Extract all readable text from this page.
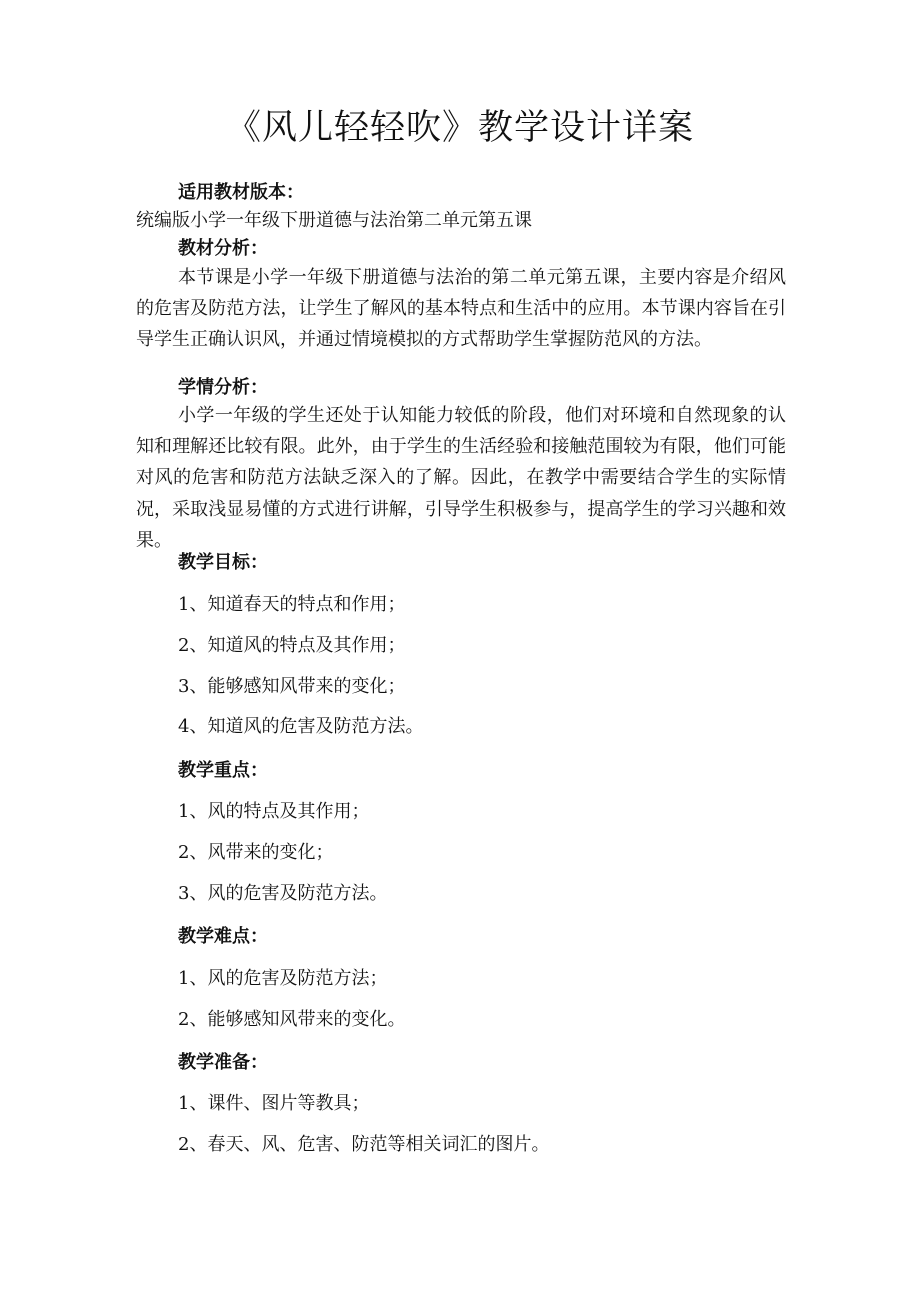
《风儿轻轻吹》教学设计详案
适用教材版本：
统编版小学一年级下册道德与法治第二单元第五课
教材分析：
本节课是小学一年级下册道德与法治的第二单元第五课，主要内容是介绍风的危害及防范方法，让学生了解风的基本特点和生活中的应用。本节课内容旨在引导学生正确认识风，并通过情境模拟的方式帮助学生掌握防范风的方法。
学情分析：
小学一年级的学生还处于认知能力较低的阶段，他们对环境和自然现象的认知和理解还比较有限。此外，由于学生的生活经验和接触范围较为有限，他们可能对风的危害和防范方法缺乏深入的了解。因此，在教学中需要结合学生的实际情况，采取浅显易懂的方式进行讲解，引导学生积极参与，提高学生的学习兴趣和效果。
教学目标：
1、知道春天的特点和作用；
2、知道风的特点及其作用；
3、能够感知风带来的变化；
4、知道风的危害及防范方法。
教学重点：
1、风的特点及其作用；
2、风带来的变化；
3、风的危害及防范方法。
教学难点：
1、风的危害及防范方法；
2、能够感知风带来的变化。
教学准备：
1、课件、图片等教具；
2、春天、风、危害、防范等相关词汇的图片。
